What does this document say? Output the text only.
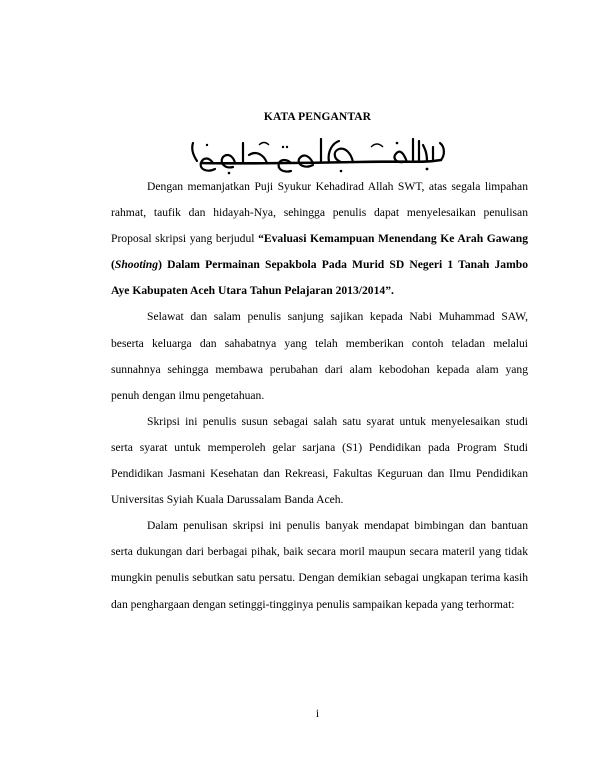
KATA PENGANTAR
Dengan memanjatkan Puji Syukur Kehadirad Allah SWT, atas segala limpahan
rahmat, taufik dan hidayah-Nya, sehingga penulis dapat menyelesaikan penulisan
Proposal skripsi yang berjudul “Evaluasi Kemampuan Menendang Ke Arah Gawang
(Shooting) Dalam Permainan Sepakbola Pada Murid SD Negeri 1 Tanah Jambo
Aye Kabupaten Aceh Utara Tahun Pelajaran 2013/2014”.
Selawat dan salam penulis sanjung sajikan kepada Nabi Muhammad SAW,
beserta keluarga dan sahabatnya yang telah memberikan contoh teladan melalui
sunnahnya sehingga membawa perubahan dari alam kebodohan kepada alam yang
penuh dengan ilmu pengetahuan.
Skripsi ini penulis susun sebagai salah satu syarat untuk menyelesaikan studi
serta syarat untuk memperoleh gelar sarjana (S1) Pendidikan pada Program Studi
Pendidikan Jasmani Kesehatan dan Rekreasi, Fakultas Keguruan dan Ilmu Pendidikan
Universitas Syiah Kuala Darussalam Banda Aceh.
Dalam penulisan skripsi ini penulis banyak mendapat bimbingan dan bantuan
serta dukungan dari berbagai pihak, baik secara moril maupun secara materil yang tidak
mungkin penulis sebutkan satu persatu. Dengan demikian sebagai ungkapan terima kasih
dan penghargaan dengan setinggi-tingginya penulis sampaikan kepada yang terhormat:
i
